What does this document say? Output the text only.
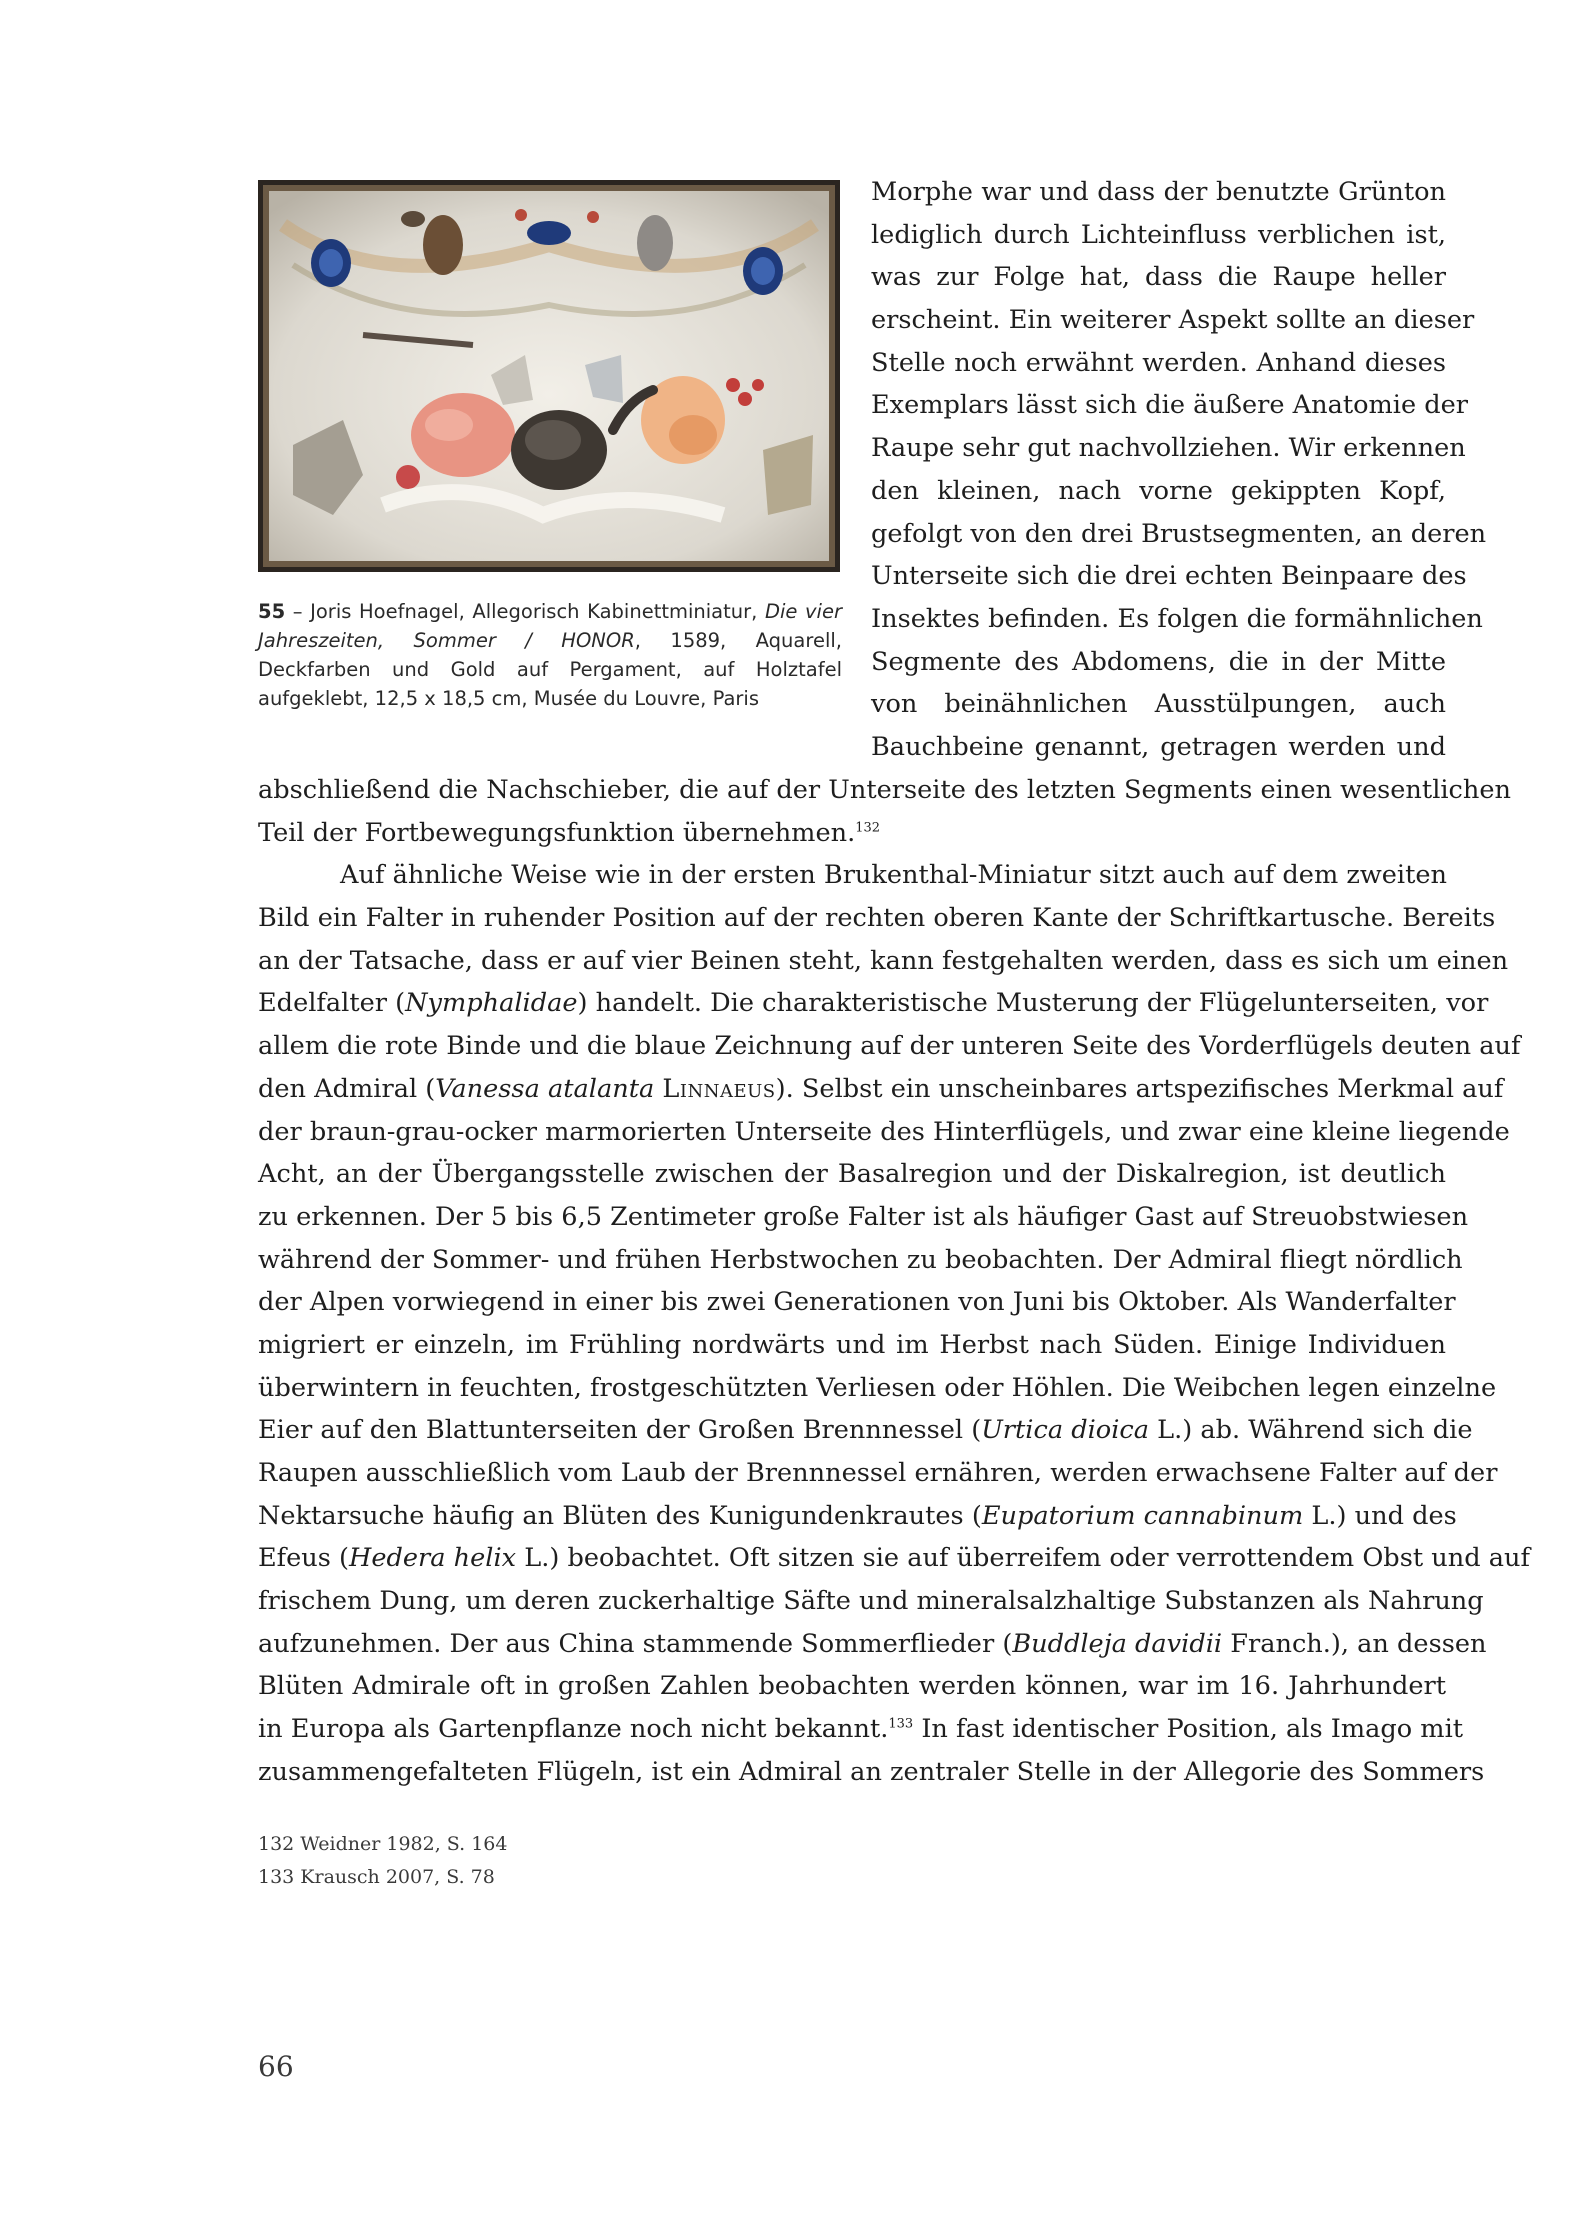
55 – Joris Hoefnagel, Allegorisch Kabinettminiatur, Die vier Jahreszeiten, Sommer / HONOR, 1589, Aquarell, Deckfarben und Gold auf Pergament, auf Holztafel aufgeklebt, 12,5 x 18,5 cm, Musée du Louvre, Paris
Morphe war und dass der benutzte Grünton
lediglich durch Lichteinfluss verblichen ist,
was zur Folge hat, dass die Raupe heller
erscheint. Ein weiterer Aspekt sollte an dieser
Stelle noch erwähnt werden. Anhand dieses
Exemplars lässt sich die äußere Anatomie der
Raupe sehr gut nachvollziehen. Wir erkennen
den kleinen, nach vorne gekippten Kopf,
gefolgt von den drei Brustsegmenten, an deren
Unterseite sich die drei echten Beinpaare des
Insektes befinden. Es folgen die formähnlichen
Segmente des Abdomens, die in der Mitte
von beinähnlichen Ausstülpungen, auch
Bauchbeine genannt, getragen werden und
abschließend die Nachschieber, die auf der Unterseite des letzten Segments einen wesentlichen
Teil der Fortbewegungsfunktion übernehmen.$^{132}$
Auf ähnliche Weise wie in der ersten Brukenthal-Miniatur sitzt auch auf dem zweiten
Bild ein Falter in ruhender Position auf der rechten oberen Kante der Schriftkartusche. Bereits
an der Tatsache, dass er auf vier Beinen steht, kann festgehalten werden, dass es sich um einen
Edelfalter (Nymphalidae) handelt. Die charakteristische Musterung der Flügelunterseiten, vor
allem die rote Binde und die blaue Zeichnung auf der unteren Seite des Vorderflügels deuten auf
den Admiral (Vanessa atalanta Linnaeus). Selbst ein unscheinbares artspezifisches Merkmal auf
der braun-grau-ocker marmorierten Unterseite des Hinterflügels, und zwar eine kleine liegende
Acht, an der Übergangsstelle zwischen der Basalregion und der Diskalregion, ist deutlich
zu erkennen. Der 5 bis 6,5 Zentimeter große Falter ist als häufiger Gast auf Streuobstwiesen
während der Sommer- und frühen Herbstwochen zu beobachten. Der Admiral fliegt nördlich
der Alpen vorwiegend in einer bis zwei Generationen von Juni bis Oktober. Als Wanderfalter
migriert er einzeln, im Frühling nordwärts und im Herbst nach Süden. Einige Individuen
überwintern in feuchten, frostgeschützten Verliesen oder Höhlen. Die Weibchen legen einzelne
Eier auf den Blattunterseiten der Großen Brennnessel (Urtica dioica L.) ab. Während sich die
Raupen ausschließlich vom Laub der Brennnessel ernähren, werden erwachsene Falter auf der
Nektarsuche häufig an Blüten des Kunigundenkrautes (Eupatorium cannabinum L.) und des
Efeus (Hedera helix L.) beobachtet. Oft sitzen sie auf überreifem oder verrottendem Obst und auf
frischem Dung, um deren zuckerhaltige Säfte und mineralsalzhaltige Substanzen als Nahrung
aufzunehmen. Der aus China stammende Sommerflieder (Buddleja davidii Franch.), an dessen
Blüten Admirale oft in großen Zahlen beobachten werden können, war im 16. Jahrhundert
in Europa als Gartenpflanze noch nicht bekannt.$^{133}$ In fast identischer Position, als Imago mit
zusammengefalteten Flügeln, ist ein Admiral an zentraler Stelle in der Allegorie des Sommers
132 Weidner 1982, S. 164
133 Krausch 2007, S. 78
66
